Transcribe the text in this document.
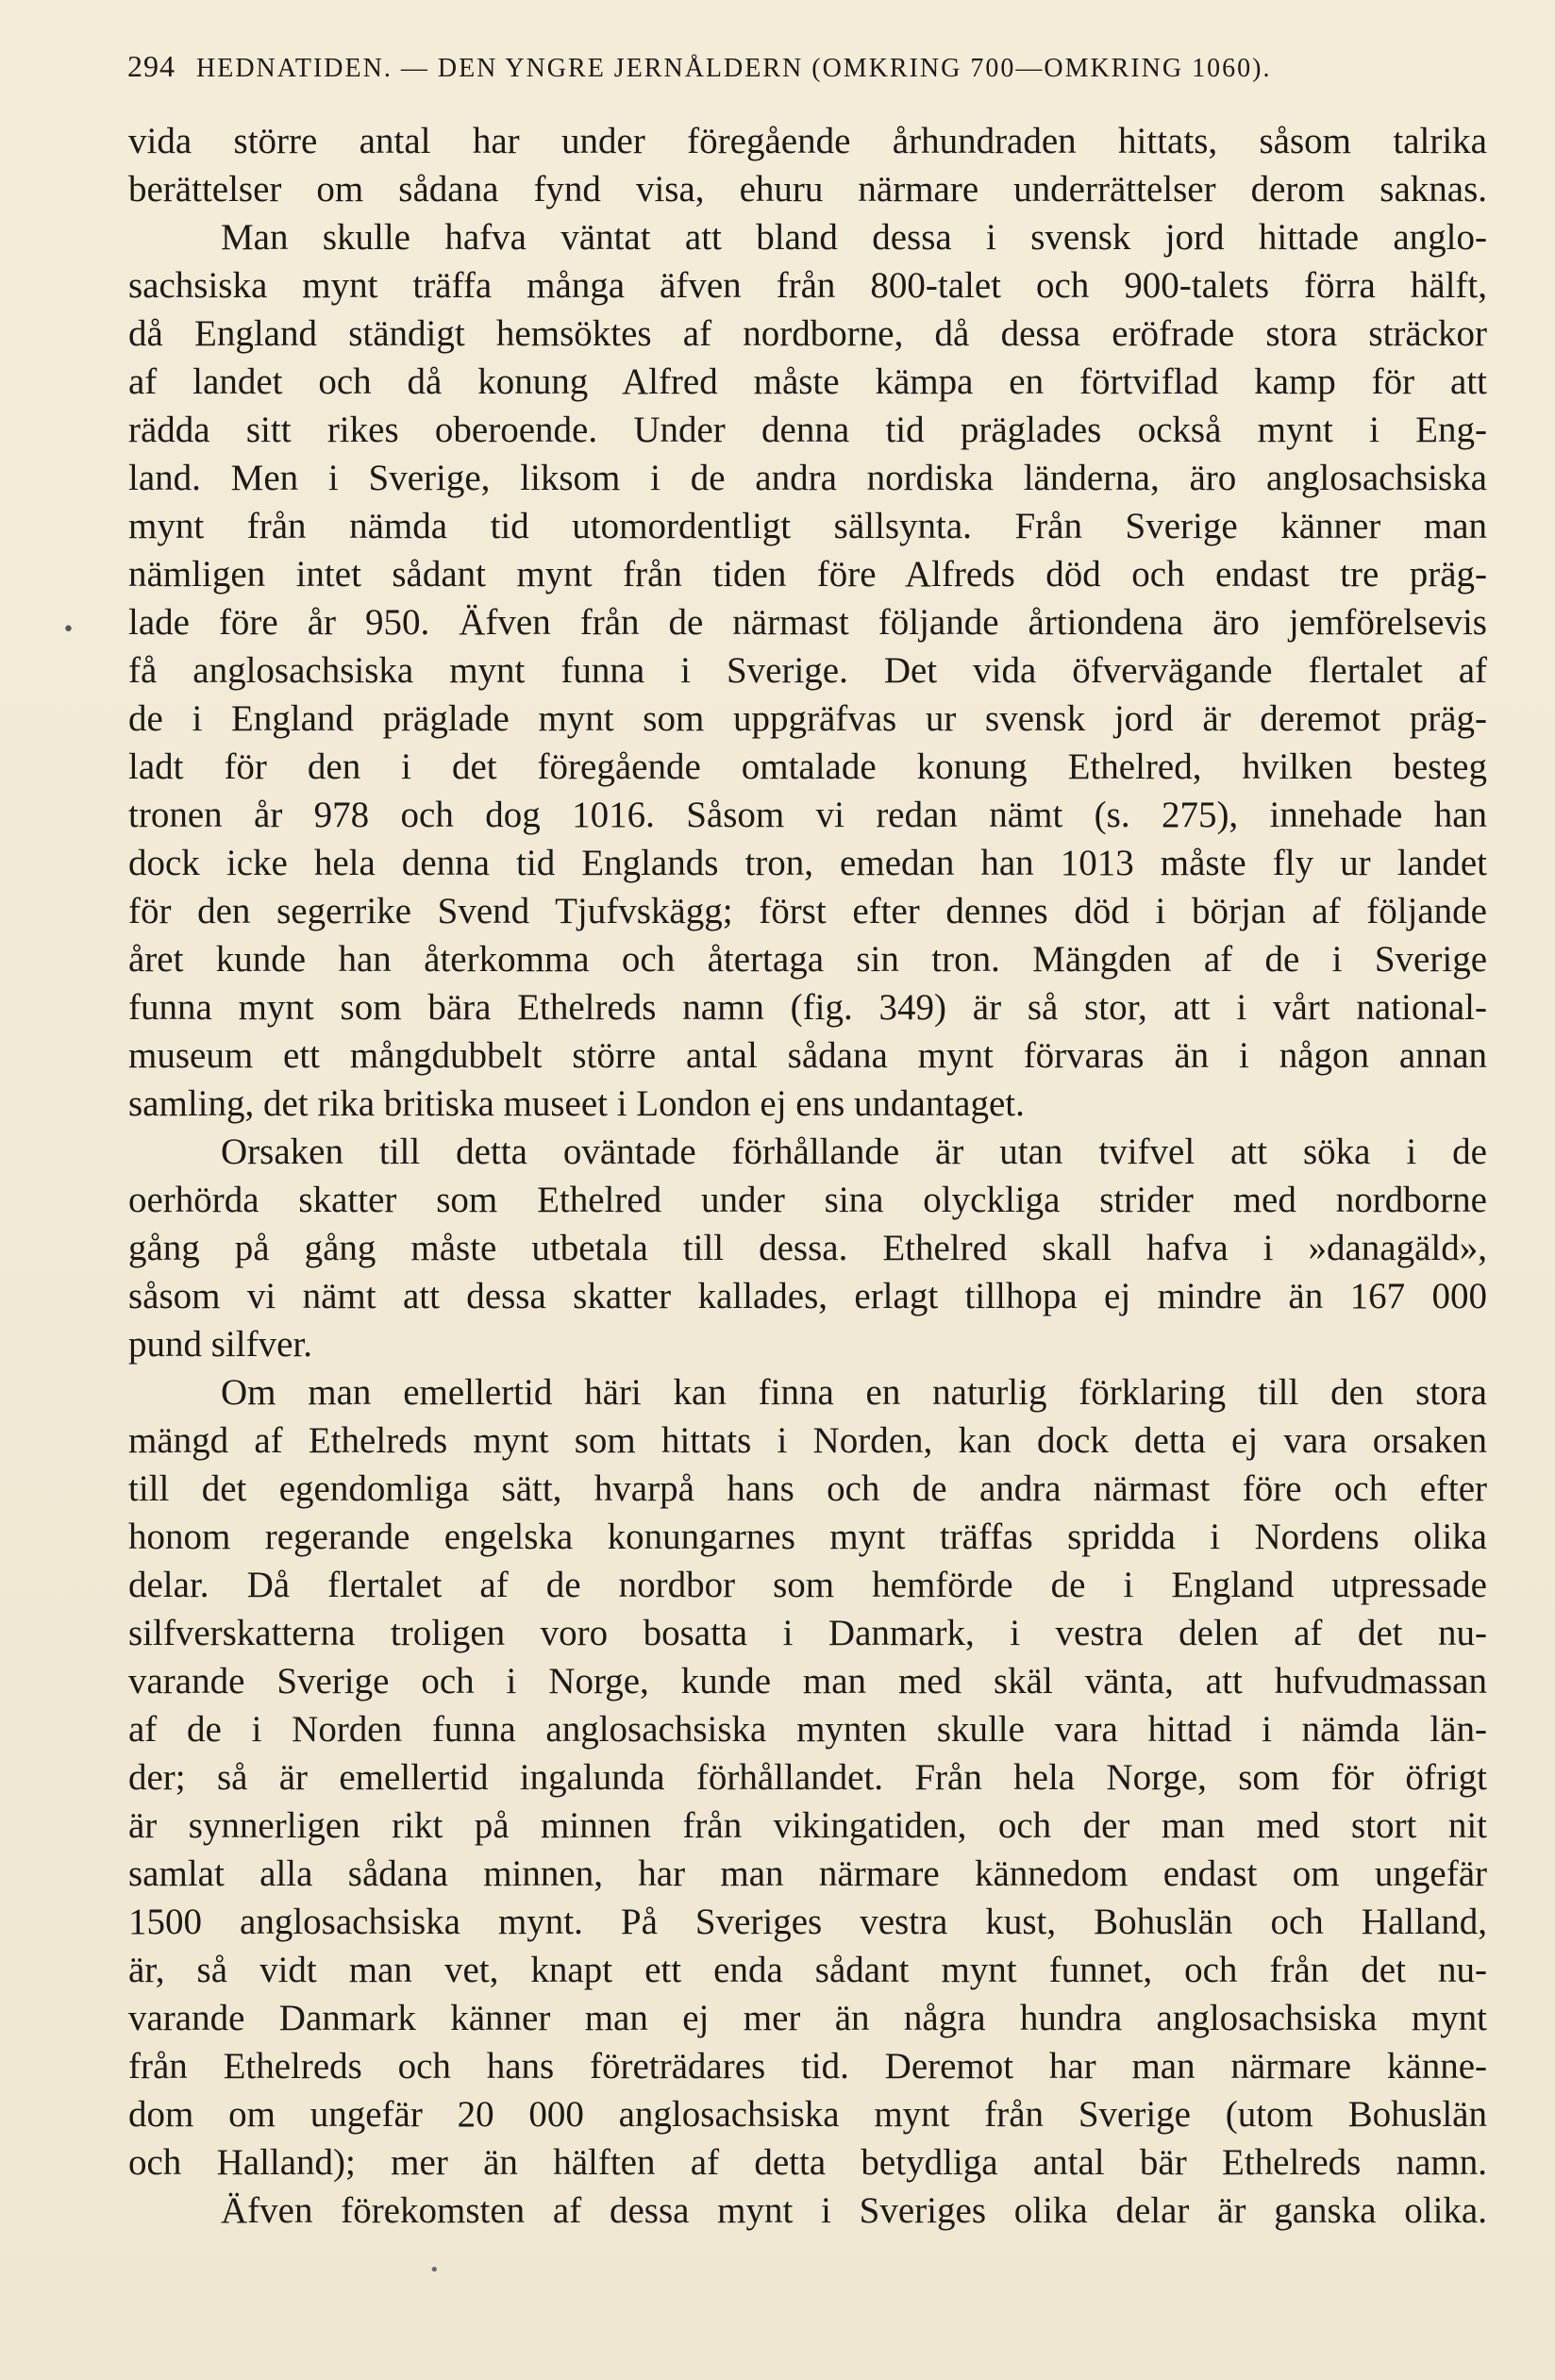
294 HEDNATIDEN. — DEN YNGRE JERNÅLDERN (OMKRING 700—OMKRING 1060).
•
•
vida större antal har under föregående århundraden hittats, såsom talrika
berättelser om sådana fynd visa, ehuru närmare underrättelser derom saknas.
Man skulle hafva väntat att bland dessa i svensk jord hittade anglo-
sachsiska mynt träffa många äfven från 800-talet och 900-talets förra hälft,
då England ständigt hemsöktes af nordborne, då dessa eröfrade stora sträckor
af landet och då konung Alfred måste kämpa en förtviflad kamp för att
rädda sitt rikes oberoende. Under denna tid präglades också mynt i Eng-
land. Men i Sverige, liksom i de andra nordiska länderna, äro anglosachsiska
mynt från nämda tid utomordentligt sällsynta. Från Sverige känner man
nämligen intet sådant mynt från tiden före Alfreds död och endast tre präg-
lade före år 950. Äfven från de närmast följande årtiondena äro jemförelsevis
få anglosachsiska mynt funna i Sverige. Det vida öfvervägande flertalet af
de i England präglade mynt som uppgräfvas ur svensk jord är deremot präg-
ladt för den i det föregående omtalade konung Ethelred, hvilken besteg
tronen år 978 och dog 1016. Såsom vi redan nämt (s. 275), innehade han
dock icke hela denna tid Englands tron, emedan han 1013 måste fly ur landet
för den segerrike Svend Tjufvskägg; först efter dennes död i början af följande
året kunde han återkomma och återtaga sin tron. Mängden af de i Sverige
funna mynt som bära Ethelreds namn (fig. 349) är så stor, att i vårt national-
museum ett mångdubbelt större antal sådana mynt förvaras än i någon annan
samling, det rika britiska museet i London ej ens undantaget.
Orsaken till detta oväntade förhållande är utan tvifvel att söka i de
oerhörda skatter som Ethelred under sina olyckliga strider med nordborne
gång på gång måste utbetala till dessa. Ethelred skall hafva i »danagäld»,
såsom vi nämt att dessa skatter kallades, erlagt tillhopa ej mindre än 167 000
pund silfver.
Om man emellertid häri kan finna en naturlig förklaring till den stora
mängd af Ethelreds mynt som hittats i Norden, kan dock detta ej vara orsaken
till det egendomliga sätt, hvarpå hans och de andra närmast före och efter
honom regerande engelska konungarnes mynt träffas spridda i Nordens olika
delar. Då flertalet af de nordbor som hemförde de i England utpressade
silfverskatterna troligen voro bosatta i Danmark, i vestra delen af det nu-
varande Sverige och i Norge, kunde man med skäl vänta, att hufvudmassan
af de i Norden funna anglosachsiska mynten skulle vara hittad i nämda län-
der; så är emellertid ingalunda förhållandet. Från hela Norge, som för öfrigt
är synnerligen rikt på minnen från vikingatiden, och der man med stort nit
samlat alla sådana minnen, har man närmare kännedom endast om ungefär
1500 anglosachsiska mynt. På Sveriges vestra kust, Bohuslän och Halland,
är, så vidt man vet, knapt ett enda sådant mynt funnet, och från det nu-
varande Danmark känner man ej mer än några hundra anglosachsiska mynt
från Ethelreds och hans företrädares tid. Deremot har man närmare känne-
dom om ungefär 20 000 anglosachsiska mynt från Sverige (utom Bohuslän
och Halland); mer än hälften af detta betydliga antal bär Ethelreds namn.
Äfven förekomsten af dessa mynt i Sveriges olika delar är ganska olika.
